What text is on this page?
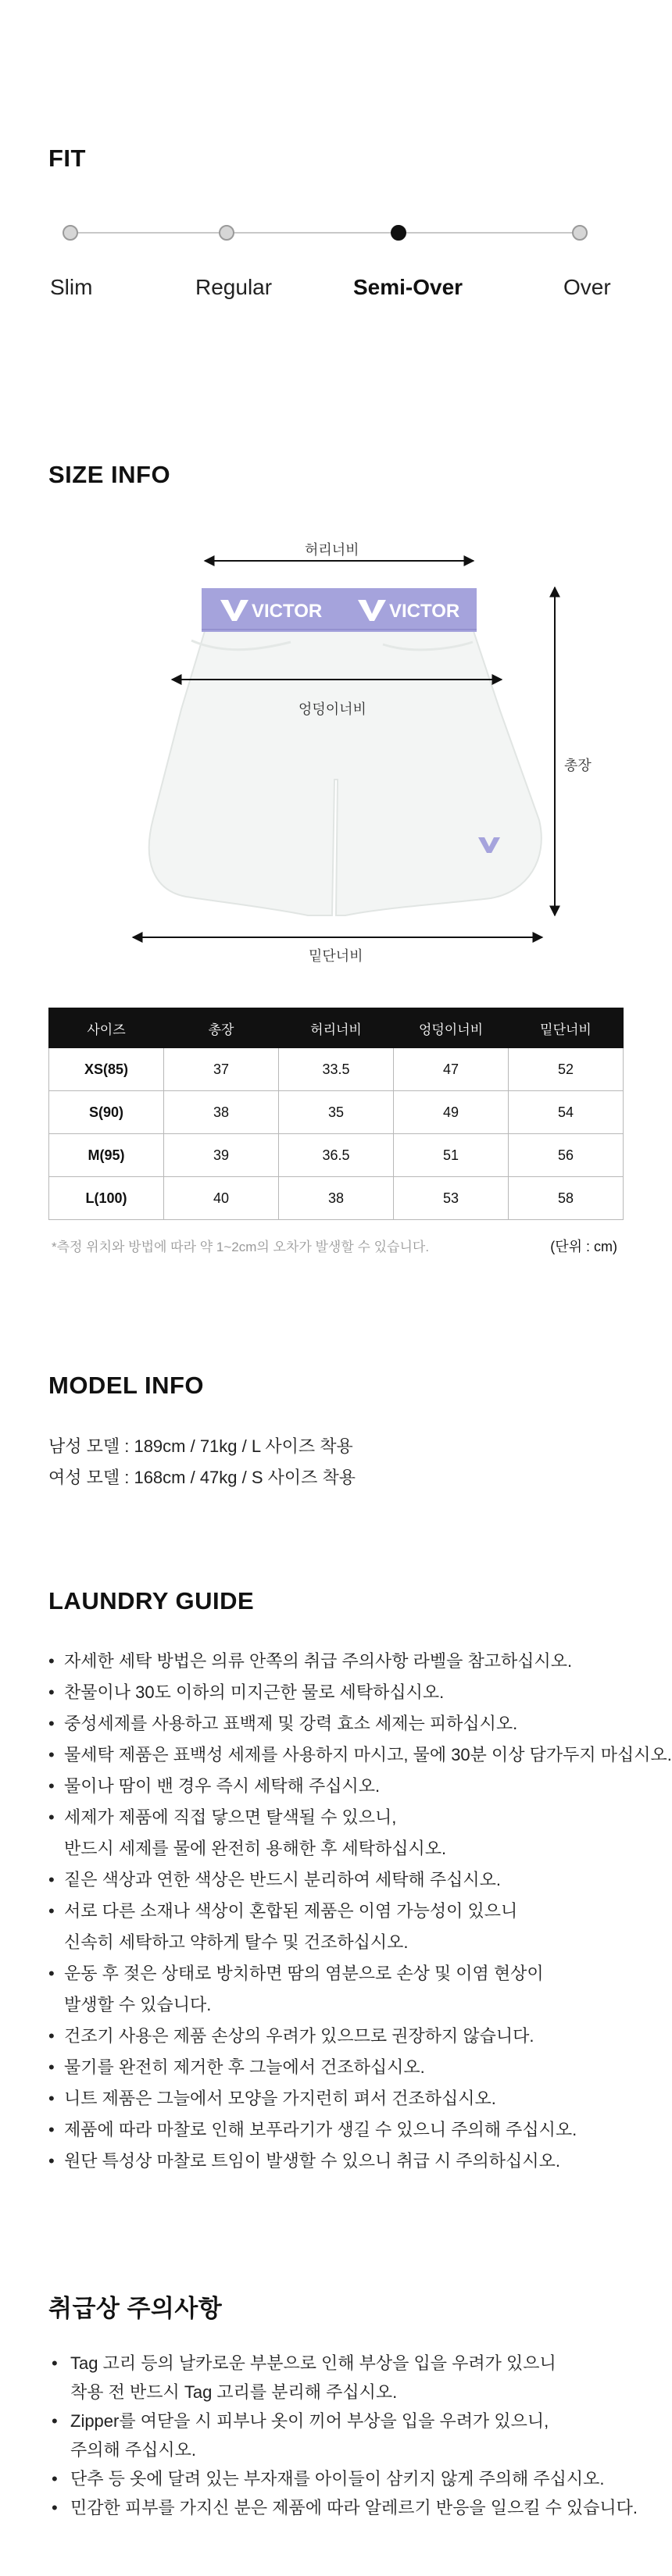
FIT
Slim	Regular	Semi-Over	Over
SIZE INFO
VICTOR	VICTOR
허리너비
엉덩이너비
총장
밑단너비
사이즈	총장	허리너비	엉덩이너비	밑단너비
XS(85)	37	33.5	47	52
S(90)	38	35	49	54
M(95)	39	36.5	51	56
L(100)	40	38	53	58
*측정 위치와 방법에 따라 약 1~2cm의 오차가 발생할 수 있습니다.	(단위 : cm)
MODEL INFO
남성 모델 : 189cm / 71kg / L 사이즈 착용
여성 모델 : 168cm / 47kg / S 사이즈 착용
LAUNDRY GUIDE
• 자세한 세탁 방법은 의류 안쪽의 취급 주의사항 라벨을 참고하십시오.
• 찬물이나 30도 이하의 미지근한 물로 세탁하십시오.
• 중성세제를 사용하고 표백제 및 강력 효소 세제는 피하십시오.
• 물세탁 제품은 표백성 세제를 사용하지 마시고, 물에 30분 이상 담가두지 마십시오.
• 물이나 땀이 밴 경우 즉시 세탁해 주십시오.
• 세제가 제품에 직접 닿으면 탈색될 수 있으니,
반드시 세제를 물에 완전히 용해한 후 세탁하십시오.
• 짙은 색상과 연한 색상은 반드시 분리하여 세탁해 주십시오.
• 서로 다른 소재나 색상이 혼합된 제품은 이염 가능성이 있으니
신속히 세탁하고 약하게 탈수 및 건조하십시오.
• 운동 후 젖은 상태로 방치하면 땀의 염분으로 손상 및 이염 현상이
발생할 수 있습니다.
• 건조기 사용은 제품 손상의 우려가 있으므로 권장하지 않습니다.
• 물기를 완전히 제거한 후 그늘에서 건조하십시오.
• 니트 제품은 그늘에서 모양을 가지런히 펴서 건조하십시오.
• 제품에 따라 마찰로 인해 보푸라기가 생길 수 있으니 주의해 주십시오.
• 원단 특성상 마찰로 트임이 발생할 수 있으니 취급 시 주의하십시오.
취급상 주의사항
• Tag 고리 등의 날카로운 부분으로 인해 부상을 입을 우려가 있으니
착용 전 반드시 Tag 고리를 분리해 주십시오.
• Zipper를 여닫을 시 피부나 옷이 끼어 부상을 입을 우려가 있으니,
주의해 주십시오.
• 단추 등 옷에 달려 있는 부자재를 아이들이 삼키지 않게 주의해 주십시오.
• 민감한 피부를 가지신 분은 제품에 따라 알레르기 반응을 일으킬 수 있습니다.
